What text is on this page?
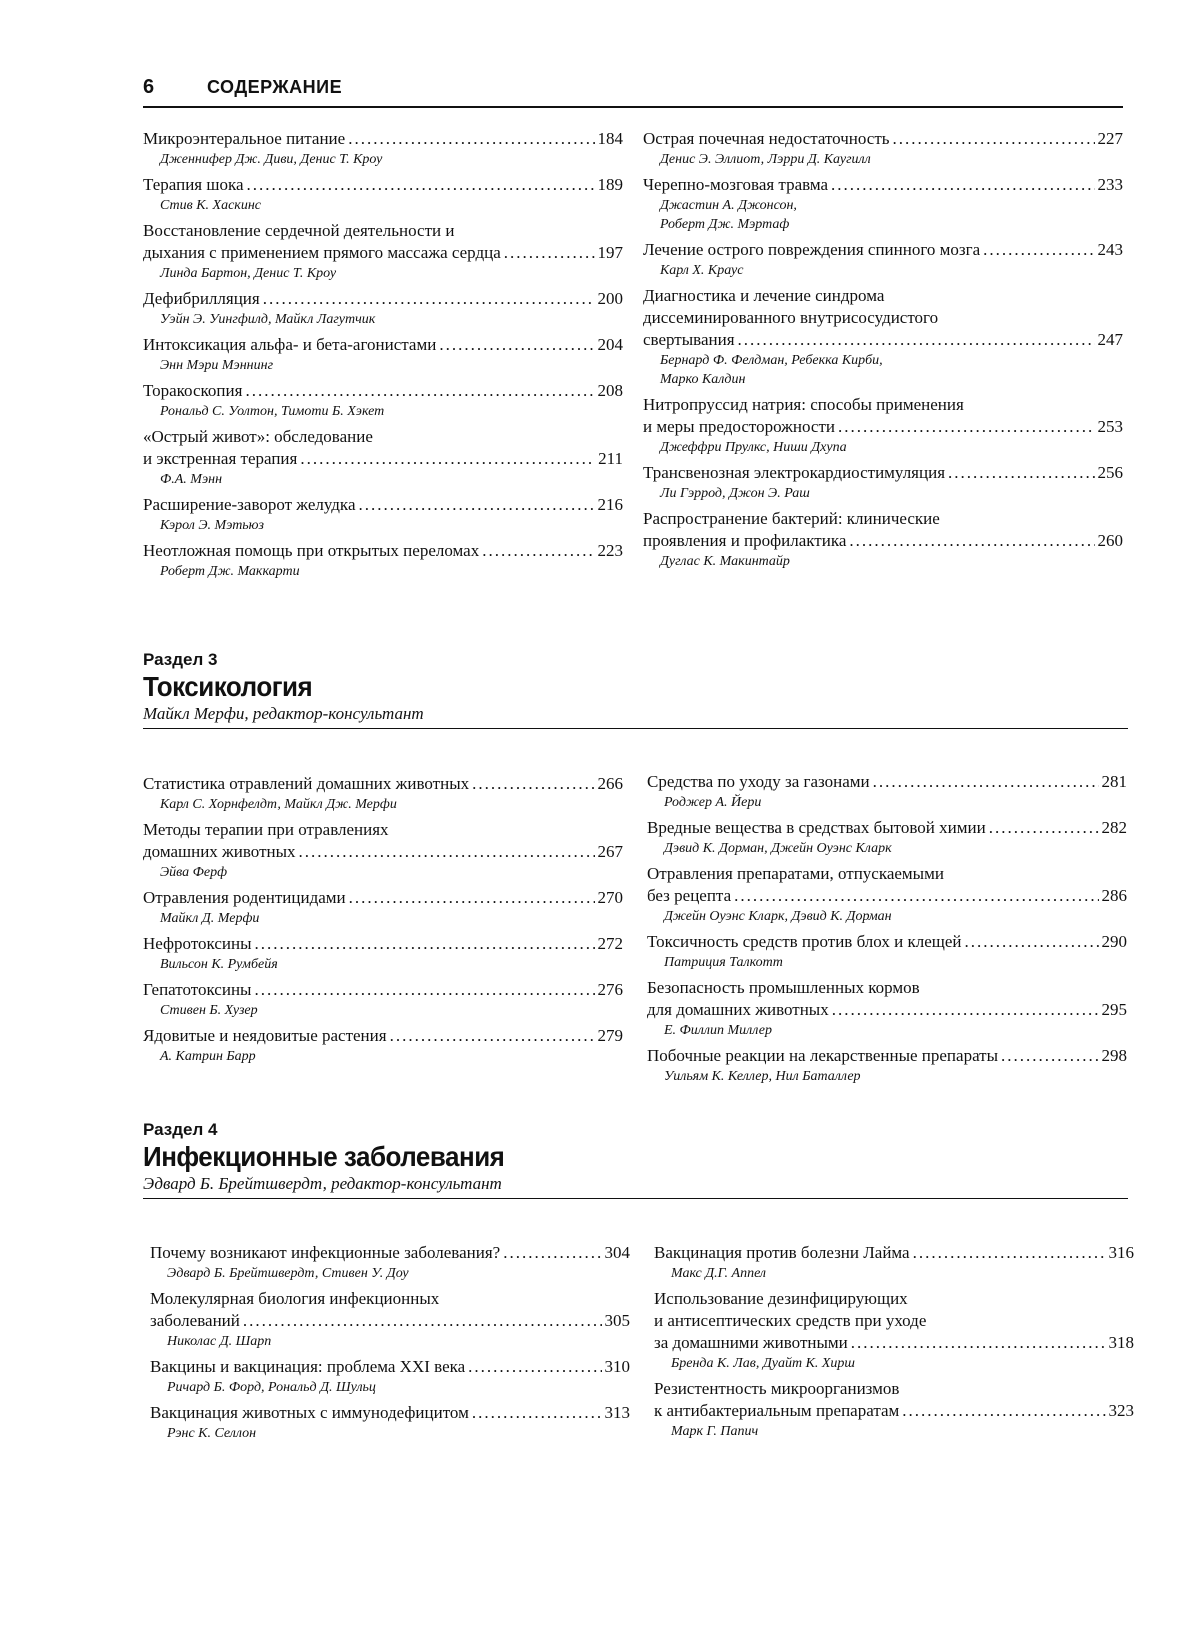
6	СОДЕРЖАНИЕ
Микроэнтеральное питание .....	184
Дженнифер Дж. Диви, Денис Т. Кроу
Терапия шока .....	189
Стив К. Хаскинс
Восстановление сердечной деятельности и
дыхания с применением прямого массажа сердца .....	197
Линда Бартон, Денис Т. Кроу
Дефибрилляция .....	200
Уэйн Э. Уингфилд, Майкл Лагутчик
Интоксикация альфа- и бета-агонистами .....	204
Энн Мэри Мэннинг
Торакоскопия .....	208
Рональд С. Уолтон, Тимоти Б. Хэкет
«Острый живот»: обследование
и экстренная терапия .....	211
Ф.А. Мэнн
Расширение-заворот желудка .....	216
Кэрол Э. Мэтьюз
Неотложная помощь при открытых переломах .....	223
Роберт Дж. Маккарти
Острая почечная недостаточность .....	227
Денис Э. Эллиот, Лэрри Д. Каугилл
Черепно-мозговая травма .....	233
Джастин А. Джонсон,
Роберт Дж. Мэртаф
Лечение острого повреждения спинного мозга .....	243
Карл Х. Краус
Диагностика и лечение синдрома
диссеминированного внутрисосудистого
свертывания .....	247
Бернард Ф. Фелдман, Ребекка Кирби,
Марко Калдин
Нитропруссид натрия: способы применения
и меры предосторожности .....	253
Джеффри Прулкс, Ниши Дхупа
Трансвенозная электрокардиостимуляция .....	256
Ли Гэррод, Джон Э. Раш
Распространение бактерий: клинические
проявления и профилактика .....	260
Дуглас К. Макинтайр
Раздел 3
Токсикология
Майкл Мерфи, редактор-консультант
Статистика отравлений домашних животных .....	266
Карл С. Хорнфелдт, Майкл Дж. Мерфи
Методы терапии при отравлениях
домашних животных .....	267
Эйва Ферф
Отравления родентицидами .....	270
Майкл Д. Мерфи
Нефротоксины .....	272
Вильсон К. Румбейя
Гепатотоксины .....	276
Стивен Б. Хузер
Ядовитые и неядовитые растения .....	279
А. Катрин Барр
Средства по уходу за газонами .....	281
Роджер А. Йери
Вредные вещества в средствах бытовой химии .....	282
Дэвид К. Дорман, Джейн Оуэнс Кларк
Отравления препаратами, отпускаемыми
без рецепта .....	286
Джейн Оуэнс Кларк, Дэвид К. Дорман
Токсичность средств против блох и клещей .....	290
Патриция Талкотт
Безопасность промышленных кормов
для домашних животных .....	295
Е. Филлип Миллер
Побочные реакции на лекарственные препараты .....	298
Уильям К. Келлер, Нил Баталлер
Раздел 4
Инфекционные заболевания
Эдвард Б. Брейтшвердт, редактор-консультант
Почему возникают инфекционные заболевания? .....	304
Эдвард Б. Брейтшвердт, Стивен У. Доу
Молекулярная биология инфекционных
заболеваний .....	305
Николас Д. Шарп
Вакцины и вакцинация: проблема XXI века .....	310
Ричард Б. Форд, Рональд Д. Шульц
Вакцинация животных с иммунодефицитом .....	313
Рэнс К. Селлон
Вакцинация против болезни Лайма .....	316
Макс Д.Г. Аппел
Использование дезинфицирующих
и антисептических средств при уходе
за домашними животными .....	318
Бренда К. Лав, Дуайт К. Хирш
Резистентность микроорганизмов
к антибактериальным препаратам .....	323
Марк Г. Папич
